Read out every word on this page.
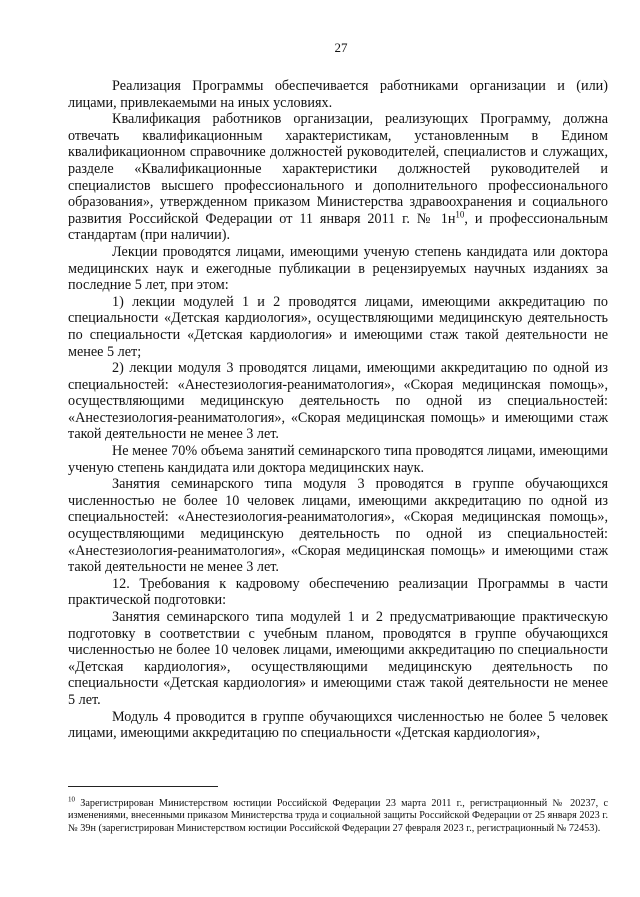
27

Реализация Программы обеспечивается работниками организации и (или) лицами, привлекаемыми на иных условиях.

Квалификация работников организации, реализующих Программу, должна отвечать квалификационным характеристикам, установленным в Едином квалификационном справочнике должностей руководителей, специалистов и служащих, разделе «Квалификационные характеристики должностей руководителей и специалистов высшего профессионального и дополнительного профессионального образования», утвержденном приказом Министерства здравоохранения и социального развития Российской Федерации от 11 января 2011 г. № 1н$^{10}$, и профессиональным стандартам (при наличии).

Лекции проводятся лицами, имеющими ученую степень кандидата или доктора медицинских наук и ежегодные публикации в рецензируемых научных изданиях за последние 5 лет, при этом:

1) лекции модулей 1 и 2 проводятся лицами, имеющими аккредитацию по специальности «Детская кардиология», осуществляющими медицинскую деятельность по специальности «Детская кардиология» и имеющими стаж такой деятельности не менее 5 лет;

2) лекции модуля 3 проводятся лицами, имеющими аккредитацию по одной из специальностей: «Анестезиология-реаниматология», «Скорая медицинская помощь», осуществляющими медицинскую деятельность по одной из специальностей: «Анестезиология-реаниматология», «Скорая медицинская помощь» и имеющими стаж такой деятельности не менее 3 лет.

Не менее 70% объема занятий семинарского типа проводятся лицами, имеющими ученую степень кандидата или доктора медицинских наук.

Занятия семинарского типа модуля 3 проводятся в группе обучающихся численностью не более 10 человек лицами, имеющими аккредитацию по одной из специальностей: «Анестезиология-реаниматология», «Скорая медицинская помощь», осуществляющими медицинскую деятельность по одной из специальностей: «Анестезиология-реаниматология», «Скорая медицинская помощь» и имеющими стаж такой деятельности не менее 3 лет.

12. Требования к кадровому обеспечению реализации Программы в части практической подготовки:

Занятия семинарского типа модулей 1 и 2 предусматривающие практическую подготовку в соответствии с учебным планом, проводятся в группе обучающихся численностью не более 10 человек лицами, имеющими аккредитацию по специальности «Детская кардиология», осуществляющими медицинскую деятельность по специальности «Детская кардиология» и имеющими стаж такой деятельности не менее 5 лет.

Модуль 4 проводится в группе обучающихся численностью не более 5 человек лицами, имеющими аккредитацию по специальности «Детская кардиология»,

$^{10}$ Зарегистрирован Министерством юстиции Российской Федерации 23 марта 2011 г., регистрационный № 20237, с изменениями, внесенными приказом Министерства труда и социальной защиты Российской Федерации от 25 января 2023 г. № 39н (зарегистрирован Министерством юстиции Российской Федерации 27 февраля 2023 г., регистрационный № 72453).
